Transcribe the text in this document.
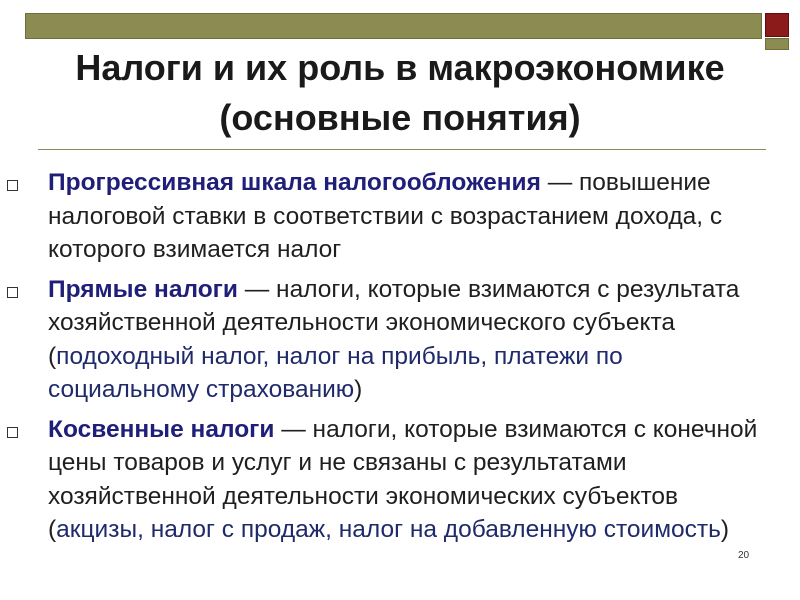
Налоги и их роль в макроэкономике
(основные понятия)
Прогрессивная шкала налогообложения — повышение налоговой ставки в соответствии с возрастанием дохода, с которого взимается налог
Прямые налоги — налоги, которые взимаются с результата хозяйственной деятельности экономического субъекта (подоходный налог, налог на прибыль, платежи по социальному страхованию)
Косвенные налоги — налоги, которые взимаются с конечной цены товаров и услуг и не связаны с результатами хозяйственной деятельности экономических субъектов (акцизы, налог с продаж, налог на добавленную стоимость)
20
